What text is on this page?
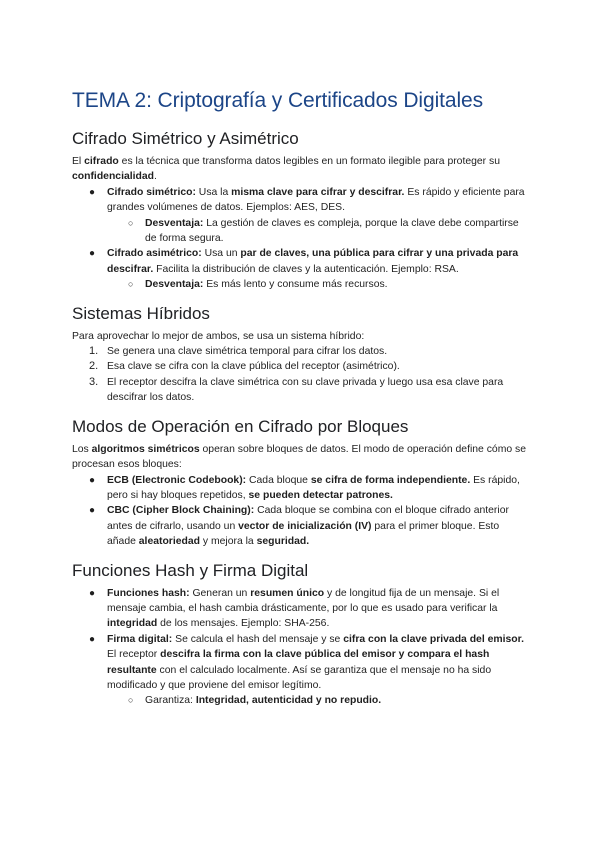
TEMA 2: Criptografía y Certificados Digitales
Cifrado Simétrico y Asimétrico

El cifrado es la técnica que transforma datos legibles en un formato ilegible para proteger su confidencialidad.

● Cifrado simétrico: Usa la misma clave para cifrar y descifrar. Es rápido y eficiente para grandes volúmenes de datos. Ejemplos: AES, DES.
○ Desventaja: La gestión de claves es compleja, porque la clave debe compartirse de forma segura.
● Cifrado asimétrico: Usa un par de claves, una pública para cifrar y una privada para descifrar. Facilita la distribución de claves y la autenticación. Ejemplo: RSA.
○ Desventaja: Es más lento y consume más recursos.
Sistemas Híbridos

Para aprovechar lo mejor de ambos, se usa un sistema híbrido:

1. Se genera una clave simétrica temporal para cifrar los datos.
2. Esa clave se cifra con la clave pública del receptor (asimétrico).
3. El receptor descifra la clave simétrica con su clave privada y luego usa esa clave para descifrar los datos.
Modos de Operación en Cifrado por Bloques

Los algoritmos simétricos operan sobre bloques de datos. El modo de operación define cómo se procesan esos bloques:

● ECB (Electronic Codebook): Cada bloque se cifra de forma independiente. Es rápido, pero si hay bloques repetidos, se pueden detectar patrones.
● CBC (Cipher Block Chaining): Cada bloque se combina con el bloque cifrado anterior antes de cifrarlo, usando un vector de inicialización (IV) para el primer bloque. Esto añade aleatoriedad y mejora la seguridad.
Funciones Hash y Firma Digital
● Funciones hash: Generan un resumen único y de longitud fija de un mensaje. Si el mensaje cambia, el hash cambia drásticamente, por lo que es usado para verificar la integridad de los mensajes. Ejemplo: SHA-256.
● Firma digital: Se calcula el hash del mensaje y se cifra con la clave privada del emisor. El receptor descifra la firma con la clave pública del emisor y compara el hash resultante con el calculado localmente. Así se garantiza que el mensaje no ha sido modificado y que proviene del emisor legítimo.
○ Garantiza: Integridad, autenticidad y no repudio.
